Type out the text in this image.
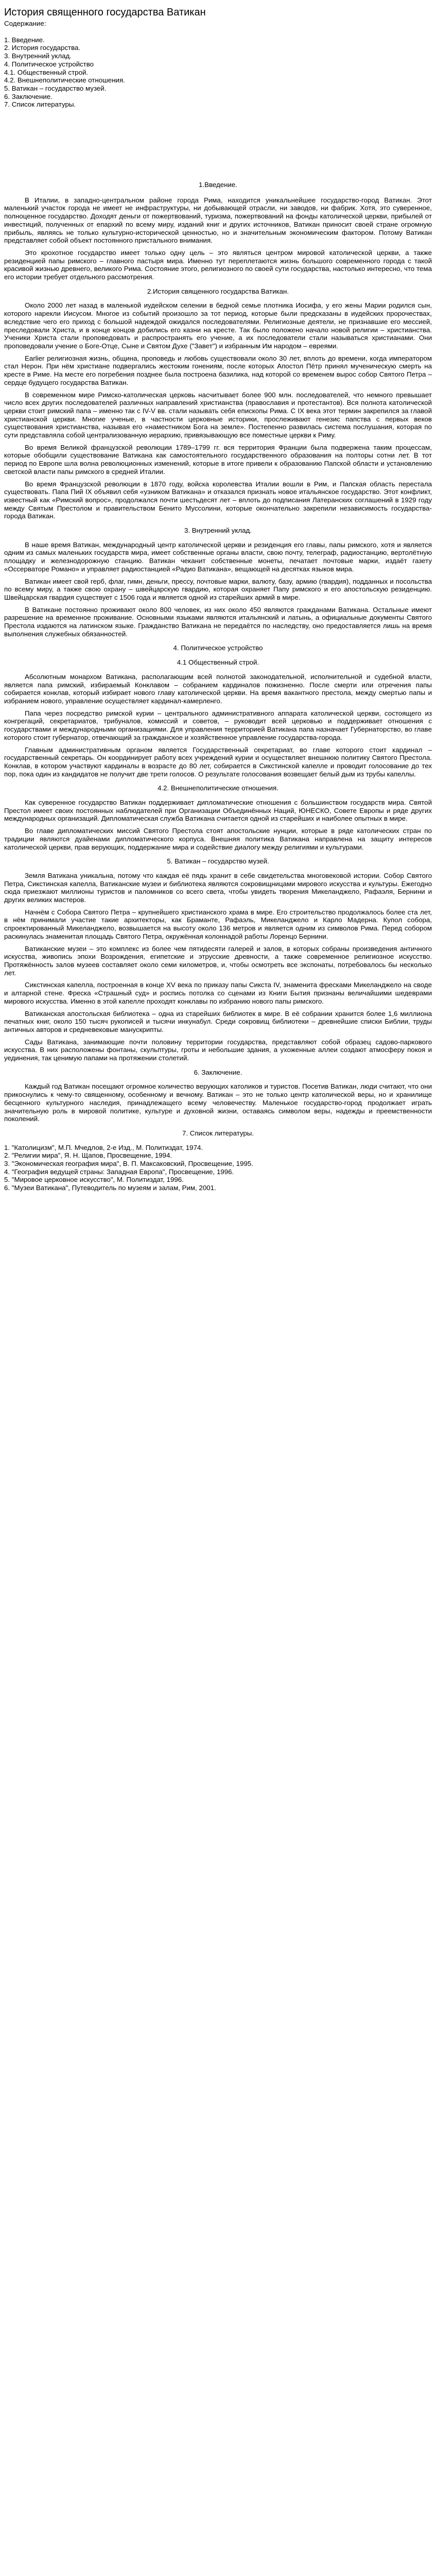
История священного государства Ватикан
Содержание:
1. Введение.
2. История государства.
3. Внутренний уклад.
4. Политическое устройство
4.1. Общественный строй.
4.2. Внешнеполитические отношения.
5. Ватикан – государство музей.
6. Заключение.
7. Список литературы.
1.Введение.

В Италии, в западно-центральном районе города Рима, находится уникальнейшее государство-город Ватикан. Этот маленький участок города не имеет не инфраструктуры, ни добывающей отрасли, ни заводов, ни фабрик. Хотя, это суверенное, полноценное государство. Доходят деньги от пожертвований, туризма, пожертвований на фонды католической церкви, прибылей от инвестиций, полученных от епархий по всему миру, изданий книг и других источников, Ватикан приносит своей стране огромную прибыль, являясь не только культурно-исторической ценностью, но и значительным экономическим фактором. Потому Ватикан представляет собой объект постоянного пристального внимания.

Это крохотное государство имеет только одну цель – это являться центром мировой католической церкви, а также резиденцией папы римского – главного пастыря мира. Именно тут переплетаются жизнь большого современного города с такой красивой жизнью древнего, великого Рима. Состояние этого, религиозного по своей сути государства, настолько интересно, что тема его истории требует отдельного рассмотрения.

2.История священного государства Ватикан.

Около 2000 лет назад в маленькой иудейском селении в бедной семье плотника Иосифа, у его жены Марии родился сын, которого нарекли Иисусом. Многое из событий произошло за тот период, которые были предсказаны в иудейских пророчествах, вследствие чего его приход с большой надеждой ожидался последователями. Религиозные деятели, не признавшие его мессией, преследовали Христа, и в конце концов добились его казни на кресте. Так было положено начало новой религии – христианства. Ученики Христа стали проповедовать и распространять его учение, а их последователи стали называться христианами. Они проповедовали учение о Боге-Отце, Сыне и Святом Духе ("Завет") и избранным Им народом – евреями.

Earlier религиозная жизнь, община, проповедь и любовь существовали около 30 лет, вплоть до времени, когда императором стал Нерон. При нём христиане подвергались жестоким гонениям, после которых Апостол Пётр принял мученическую смерть на кресте в Риме. На месте его погребения позднее была построена базилика, над которой со временем вырос собор Святого Петра – сердце будущего государства Ватикан.

В современном мире Римско-католическая церковь насчитывает более 900 млн. последователей, что немного превышает число всех других последователей различных направлений христианства (православия и протестантов). Вся полнота католической церкви стоит римский папа – именно так с IV-V вв. стали называть себя епископы Рима. С IX века этот термин закрепился за главой христианской церкви. Многие ученые, в частности церковные историки, прослеживают генезис папства с первых веков существования христианства, называя его «наместником Бога на земле». Постепенно развилась система послушания, которая по сути представляла собой централизованную иерархию, привязывающую все поместные церкви к Риму.

Во время Великой французской революции 1789–1799 гг. вся территория Франции была подвержена таким процессам, которые обобщили существование Ватикана как самостоятельного государственного образования на полторы сотни лет. В тот период по Европе шла волна революционных изменений, которые в итоге привели к образованию Папской области и установлению светской власти папы римского в средней Италии.

Во время Французской революции в 1870 году, войска королевства Италии вошли в Рим, и Папская область перестала существовать. Папа Пий IX объявил себя «узником Ватикана» и отказался признать новое итальянское государство. Этот конфликт, известный как «Римский вопрос», продолжался почти шестьдесят лет – вплоть до подписания Латеранских соглашений в 1929 году между Святым Престолом и правительством Бенито Муссолини, которые окончательно закрепили независимость государства-города Ватикан.

3. Внутренний уклад.

В наше время Ватикан, международный центр католической церкви и резиденция его главы, папы римского, хотя и является одним из самых маленьких государств мира, имеет собственные органы власти, свою почту, телеграф, радиостанцию, вертолётную площадку и железнодорожную станцию. Ватикан чеканит собственные монеты, печатает почтовые марки, издаёт газету «Оссерваторе Романо» и управляет радиостанцией «Радио Ватикана», вещающей на десятках языков мира.

Ватикан имеет свой герб, флаг, гимн, деньги, прессу, почтовые марки, валюту, базу, армию (гвардия), подданных и посольства по всему миру, а также свою охрану – швейцарскую гвардию, которая охраняет Папу римского и его апостольскую резиденцию. Швейцарская гвардия существует с 1506 года и является одной из старейших армий в мире.

В Ватикане постоянно проживают около 800 человек, из них около 450 являются гражданами Ватикана. Остальные имеют разрешение на временное проживание. Основными языками являются итальянский и латынь, а официальные документы Святого Престола издаются на латинском языке. Гражданство Ватикана не передаётся по наследству, оно предоставляется лишь на время выполнения служебных обязанностей.

4. Политическое устройство
4.1 Общественный строй.

Абсолютным монархом Ватикана, располагающим всей полнотой законодательной, исполнительной и судебной власти, является папа римский, избираемый Конклавом – собранием кардиналов пожизненно. После смерти или отречения папы собирается конклав, который избирает нового главу католической церкви. На время вакантного престола, между смертью папы и избранием нового, управление осуществляет кардинал-камерленго.

Папа через посредство римской курии – центрального административного аппарата католической церкви, состоящего из конгрегаций, секретариатов, трибуналов, комиссий и советов, – руководит всей церковью и поддерживает отношения с государствами и международными организациями. Для управления территорией Ватикана папа назначает Губернаторство, во главе которого стоит губернатор, отвечающий за гражданское и хозяйственное управление государства-города.

Главным административным органом является Государственный секретариат, во главе которого стоит кардинал – государственный секретарь. Он координирует работу всех учреждений курии и осуществляет внешнюю политику Святого Престола. Конклав, в котором участвуют кардиналы в возрасте до 80 лет, собирается в Сикстинской капелле и проводит голосование до тех пор, пока один из кандидатов не получит две трети голосов. О результате голосования возвещает белый дым из трубы капеллы.

4.2. Внешнеполитические отношения.

Как суверенное государство Ватикан поддерживает дипломатические отношения с большинством государств мира. Святой Престол имеет своих постоянных наблюдателей при Организации Объединённых Наций, ЮНЕСКО, Совете Европы и ряде других международных организаций. Дипломатическая служба Ватикана считается одной из старейших и наиболее опытных в мире.

Во главе дипломатических миссий Святого Престола стоят апостольские нунции, которые в ряде католических стран по традиции являются дуайенами дипломатического корпуса. Внешняя политика Ватикана направлена на защиту интересов католической церкви, прав верующих, поддержание мира и содействие диалогу между религиями и культурами.

5. Ватикан – государство музей.

Земля Ватикана уникальна, потому что каждая её пядь хранит в себе свидетельства многовековой истории. Собор Святого Петра, Сикстинская капелла, Ватиканские музеи и библиотека являются сокровищницами мирового искусства и культуры. Ежегодно сюда приезжают миллионы туристов и паломников со всего света, чтобы увидеть творения Микеланджело, Рафаэля, Бернини и других великих мастеров.

Начнём с Собора Святого Петра – крупнейшего христианского храма в мире. Его строительство продолжалось более ста лет, в нём принимали участие такие архитекторы, как Браманте, Рафаэль, Микеланджело и Карло Мадерна. Купол собора, спроектированный Микеланджело, возвышается на высоту около 136 метров и является одним из символов Рима. Перед собором раскинулась знаменитая площадь Святого Петра, окружённая колоннадой работы Лоренцо Бернини.

Ватиканские музеи – это комплекс из более чем пятидесяти галерей и залов, в которых собраны произведения античного искусства, живопись эпохи Возрождения, египетские и этрусские древности, а также современное религиозное искусство. Протяжённость залов музеев составляет около семи километров, и, чтобы осмотреть все экспонаты, потребовалось бы несколько лет.

Сикстинская капелла, построенная в конце XV века по приказу папы Сикста IV, знаменита фресками Микеланджело на своде и алтарной стене. Фреска «Страшный суд» и роспись потолка со сценами из Книги Бытия признаны величайшими шедеврами мирового искусства. Именно в этой капелле проходят конклавы по избранию нового папы римского.

Ватиканская апостольская библиотека – одна из старейших библиотек в мире. В её собрании хранится более 1,6 миллиона печатных книг, около 150 тысяч рукописей и тысячи инкунабул. Среди сокровищ библиотеки – древнейшие списки Библии, труды античных авторов и средневековые манускрипты.

Сады Ватикана, занимающие почти половину территории государства, представляют собой образец садово-паркового искусства. В них расположены фонтаны, скульптуры, гроты и небольшие здания, а ухоженные аллеи создают атмосферу покоя и уединения, так ценимую папами на протяжении столетий.

6. Заключение.

Каждый год Ватикан посещают огромное количество верующих католиков и туристов. Посетив Ватикан, люди считают, что они прикоснулись к чему-то священному, особенному и вечному. Ватикан – это не только центр католической веры, но и хранилище бесценного культурного наследия, принадлежащего всему человечеству. Маленькое государство-город продолжает играть значительную роль в мировой политике, культуре и духовной жизни, оставаясь символом веры, надежды и преемственности поколений.

7. Список литературы.
1. "Католицизм", М.П. Мчедлов, 2-е Изд., М. Политиздат, 1974.
2. "Религии мира", Я. Н. Щапов, Просвещение, 1994.
3. "Экономическая география мира", В. П. Максаковский, Просвещение, 1995.
4. "География ведущей страны: Западная Европа", Просвещение, 1996.
5. "Мировое церковное искусство", М. Политиздат, 1996.
6. "Музеи Ватикана", Путеводитель по музеям и залам, Рим, 2001.
